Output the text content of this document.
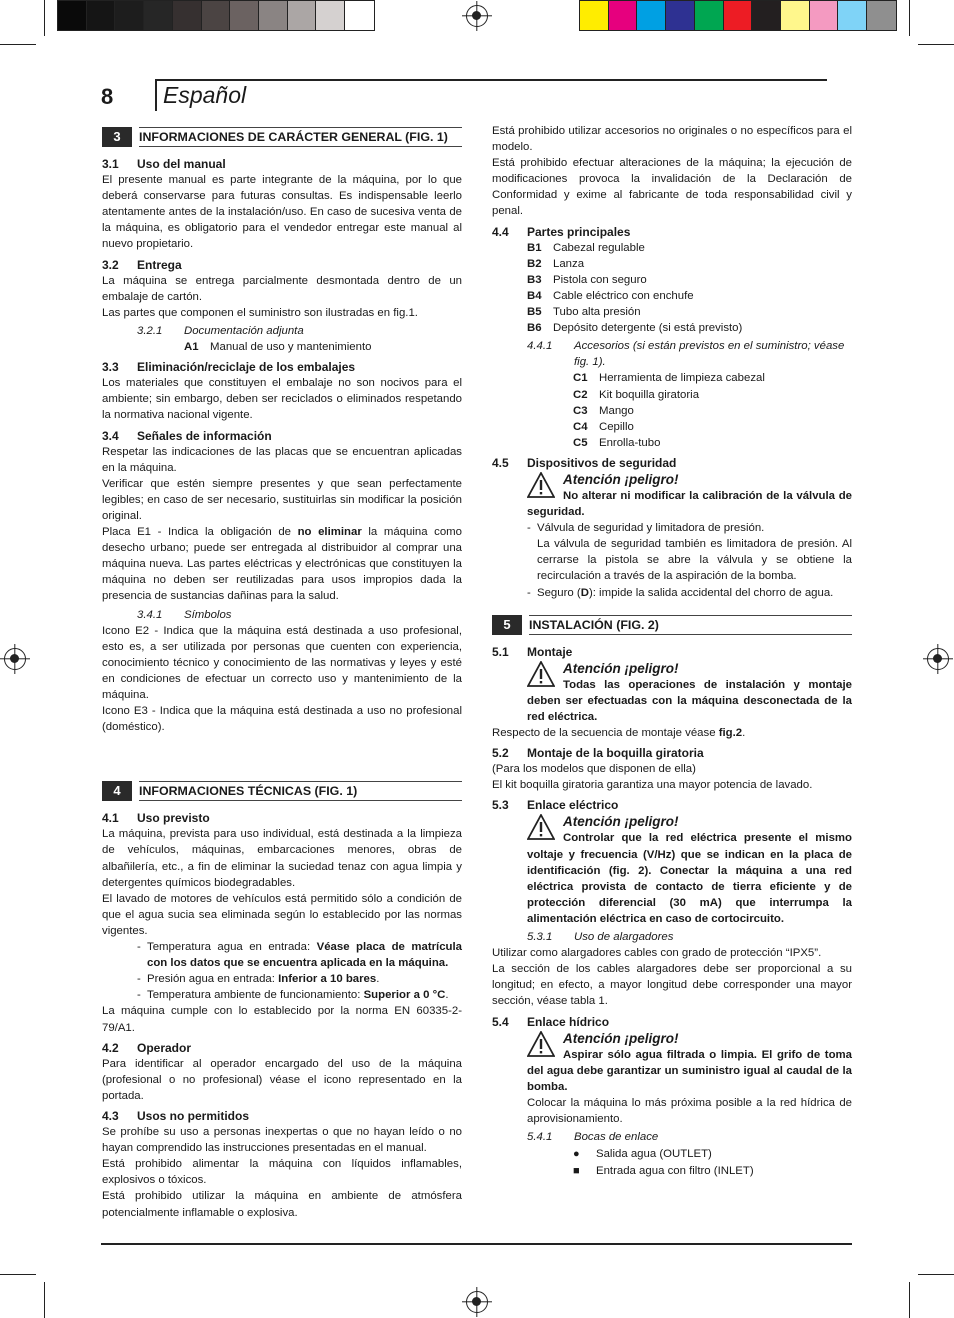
8 Español
3	INFORMACIONES DE CARÁCTER GENERAL (FIG. 1)
3.1	Uso del manual

El presente manual es parte integrante de la máquina, por lo que deberá conservarse para futuras consultas. Es indispensable leerlo atentamente antes de la instalación/uso. En caso de sucesiva venta de la máquina, es obligatorio para el vendedor entregar este manual al nuevo propietario.

3.2	Entrega

La máquina se entrega parcialmente desmontada dentro de un embalaje de cartón.

Las partes que componen el suministro son ilustradas en fig.1.

3.2.1	Documentación adjunta
A1	Manual de uso y mantenimiento
3.3	Eliminación/reciclaje de los embalajes

Los materiales que constituyen el embalaje no son nocivos para el ambiente; sin embargo, deben ser reciclados o eliminados respetando la normativa nacional vigente.

3.4	Señales de información

Respetar las indicaciones de las placas que se encuentran aplicadas en la máquina.

Verificar que estén siempre presentes y que sean perfectamente legibles; en caso de ser necesario, sustituirlas sin modificar la posición original.

Placa E1 - Indica la obligación de no eliminar la máquina como desecho urbano; puede ser entregada al distribuidor al comprar una máquina nueva. Las partes eléctricas y electrónicas que constituyen la máquina no deben ser reutilizadas para usos impropios dada la presencia de sustancias dañinas para la salud.

3.4.1	Símbolos

Icono E2 - Indica que la máquina está destinada a uso profesional, esto es, a ser utilizada por personas que cuenten con experiencia, conocimiento técnico y conocimiento de las normativas y leyes y esté en condiciones de efectuar un correcto uso y mantenimiento de la máquina.

Icono E3 - Indica que la máquina está destinada a uso no profesional (doméstico).

4	INFORMACIONES TÉCNICAS (FIG. 1)
4.1	Uso previsto

La máquina, prevista para uso individual, está destinada a la limpieza de vehículos, máquinas, embarcaciones menores, obras de albañilería, etc., a fin de eliminar la suciedad tenaz con agua limpia y detergentes químicos biodegradables.

El lavado de motores de vehículos está permitido sólo a condición de que el agua sucia sea eliminada según lo establecido por las normas vigentes.

- Temperatura agua en entrada: Véase placa de matrícula con los datos que se encuentra aplicada en la máquina.
- Presión agua en entrada: Inferior a 10 bares.
- Temperatura ambiente de funcionamiento: Superior a 0 °C.

La máquina cumple con lo establecido por la norma EN 60335-2-79/A1.

4.2	Operador

Para identificar al operador encargado del uso de la máquina (profesional o no profesional) véase el icono representado en la portada.

4.3	Usos no permitidos

Se prohíbe su uso a personas inexpertas o que no hayan leído o no hayan comprendido las instrucciones presentadas en el manual.

Está prohibido alimentar la máquina con líquidos inflamables, explosivos o tóxicos.

Está prohibido utilizar la máquina en ambiente de atmósfera potencialmente inflamable o explosiva.

Está prohibido utilizar accesorios no originales o no específicos para el modelo.

Está prohibido efectuar alteraciones de la máquina; la ejecución de modificaciones provoca la invalidación de la Declaración de Conformidad y exime al fabricante de toda responsabilidad civil y penal.

4.4	Partes principales
B1	Cabezal regulable
B2	Lanza
B3	Pistola con seguro
B4	Cable eléctrico con enchufe
B5	Tubo alta presión
B6	Depósito detergente (si está previsto)
4.4.1	Accesorios (si están previstos en el suministro; véase fig. 1).
C1	Herramienta de limpieza cabezal
C2	Kit boquilla giratoria
C3	Mango
C4	Cepillo
C5	Enrolla-tubo
4.5	Dispositivos de seguridad
Atención ¡peligro!
No alterar ni modificar la calibración de la válvula de seguridad.
- Válvula de seguridad y limitadora de presión.

La válvula de seguridad también es limitadora de presión. Al cerrarse la pistola se abre la válvula y se obtiene la recirculación a través de la aspiración de la bomba.

- Seguro (D): impide la salida accidental del chorro de agua.
5	INSTALACIÓN (FIG. 2)
5.1	Montaje
Atención ¡peligro!
Todas las operaciones de instalación y montaje deben ser efectuadas con la máquina desconectada de la red eléctrica.

Respecto de la secuencia de montaje véase fig.2.

5.2	Montaje de la boquilla giratoria

(Para los modelos que disponen de ella)

El kit boquilla giratoria garantiza una mayor potencia de lavado.

5.3	Enlace eléctrico
Atención ¡peligro!
Controlar que la red eléctrica presente el mismo voltaje y frecuencia (V/Hz) que se indican en la placa de identificación (fig. 2). Conectar la máquina a una red eléctrica provista de contacto de tierra eficiente y de protección diferencial (30 mA) que interrumpa la alimentación eléctrica en caso de cortocircuito.
5.3.1	Uso de alargadores

Utilizar como alargadores cables con grado de protección “IPX5”.

La sección de los cables alargadores debe ser proporcional a su longitud; en efecto, a mayor longitud debe corresponder una mayor sección, véase tabla 1.

5.4	Enlace hídrico
Atención ¡peligro!
Aspirar sólo agua filtrada o limpia. El grifo de toma del agua debe garantizar un suministro igual al caudal de la bomba.

Colocar la máquina lo más próxima posible a la red hídrica de aprovisionamiento.

5.4.1	Bocas de enlace
●	Salida agua (OUTLET)
■	Entrada agua con filtro (INLET)
